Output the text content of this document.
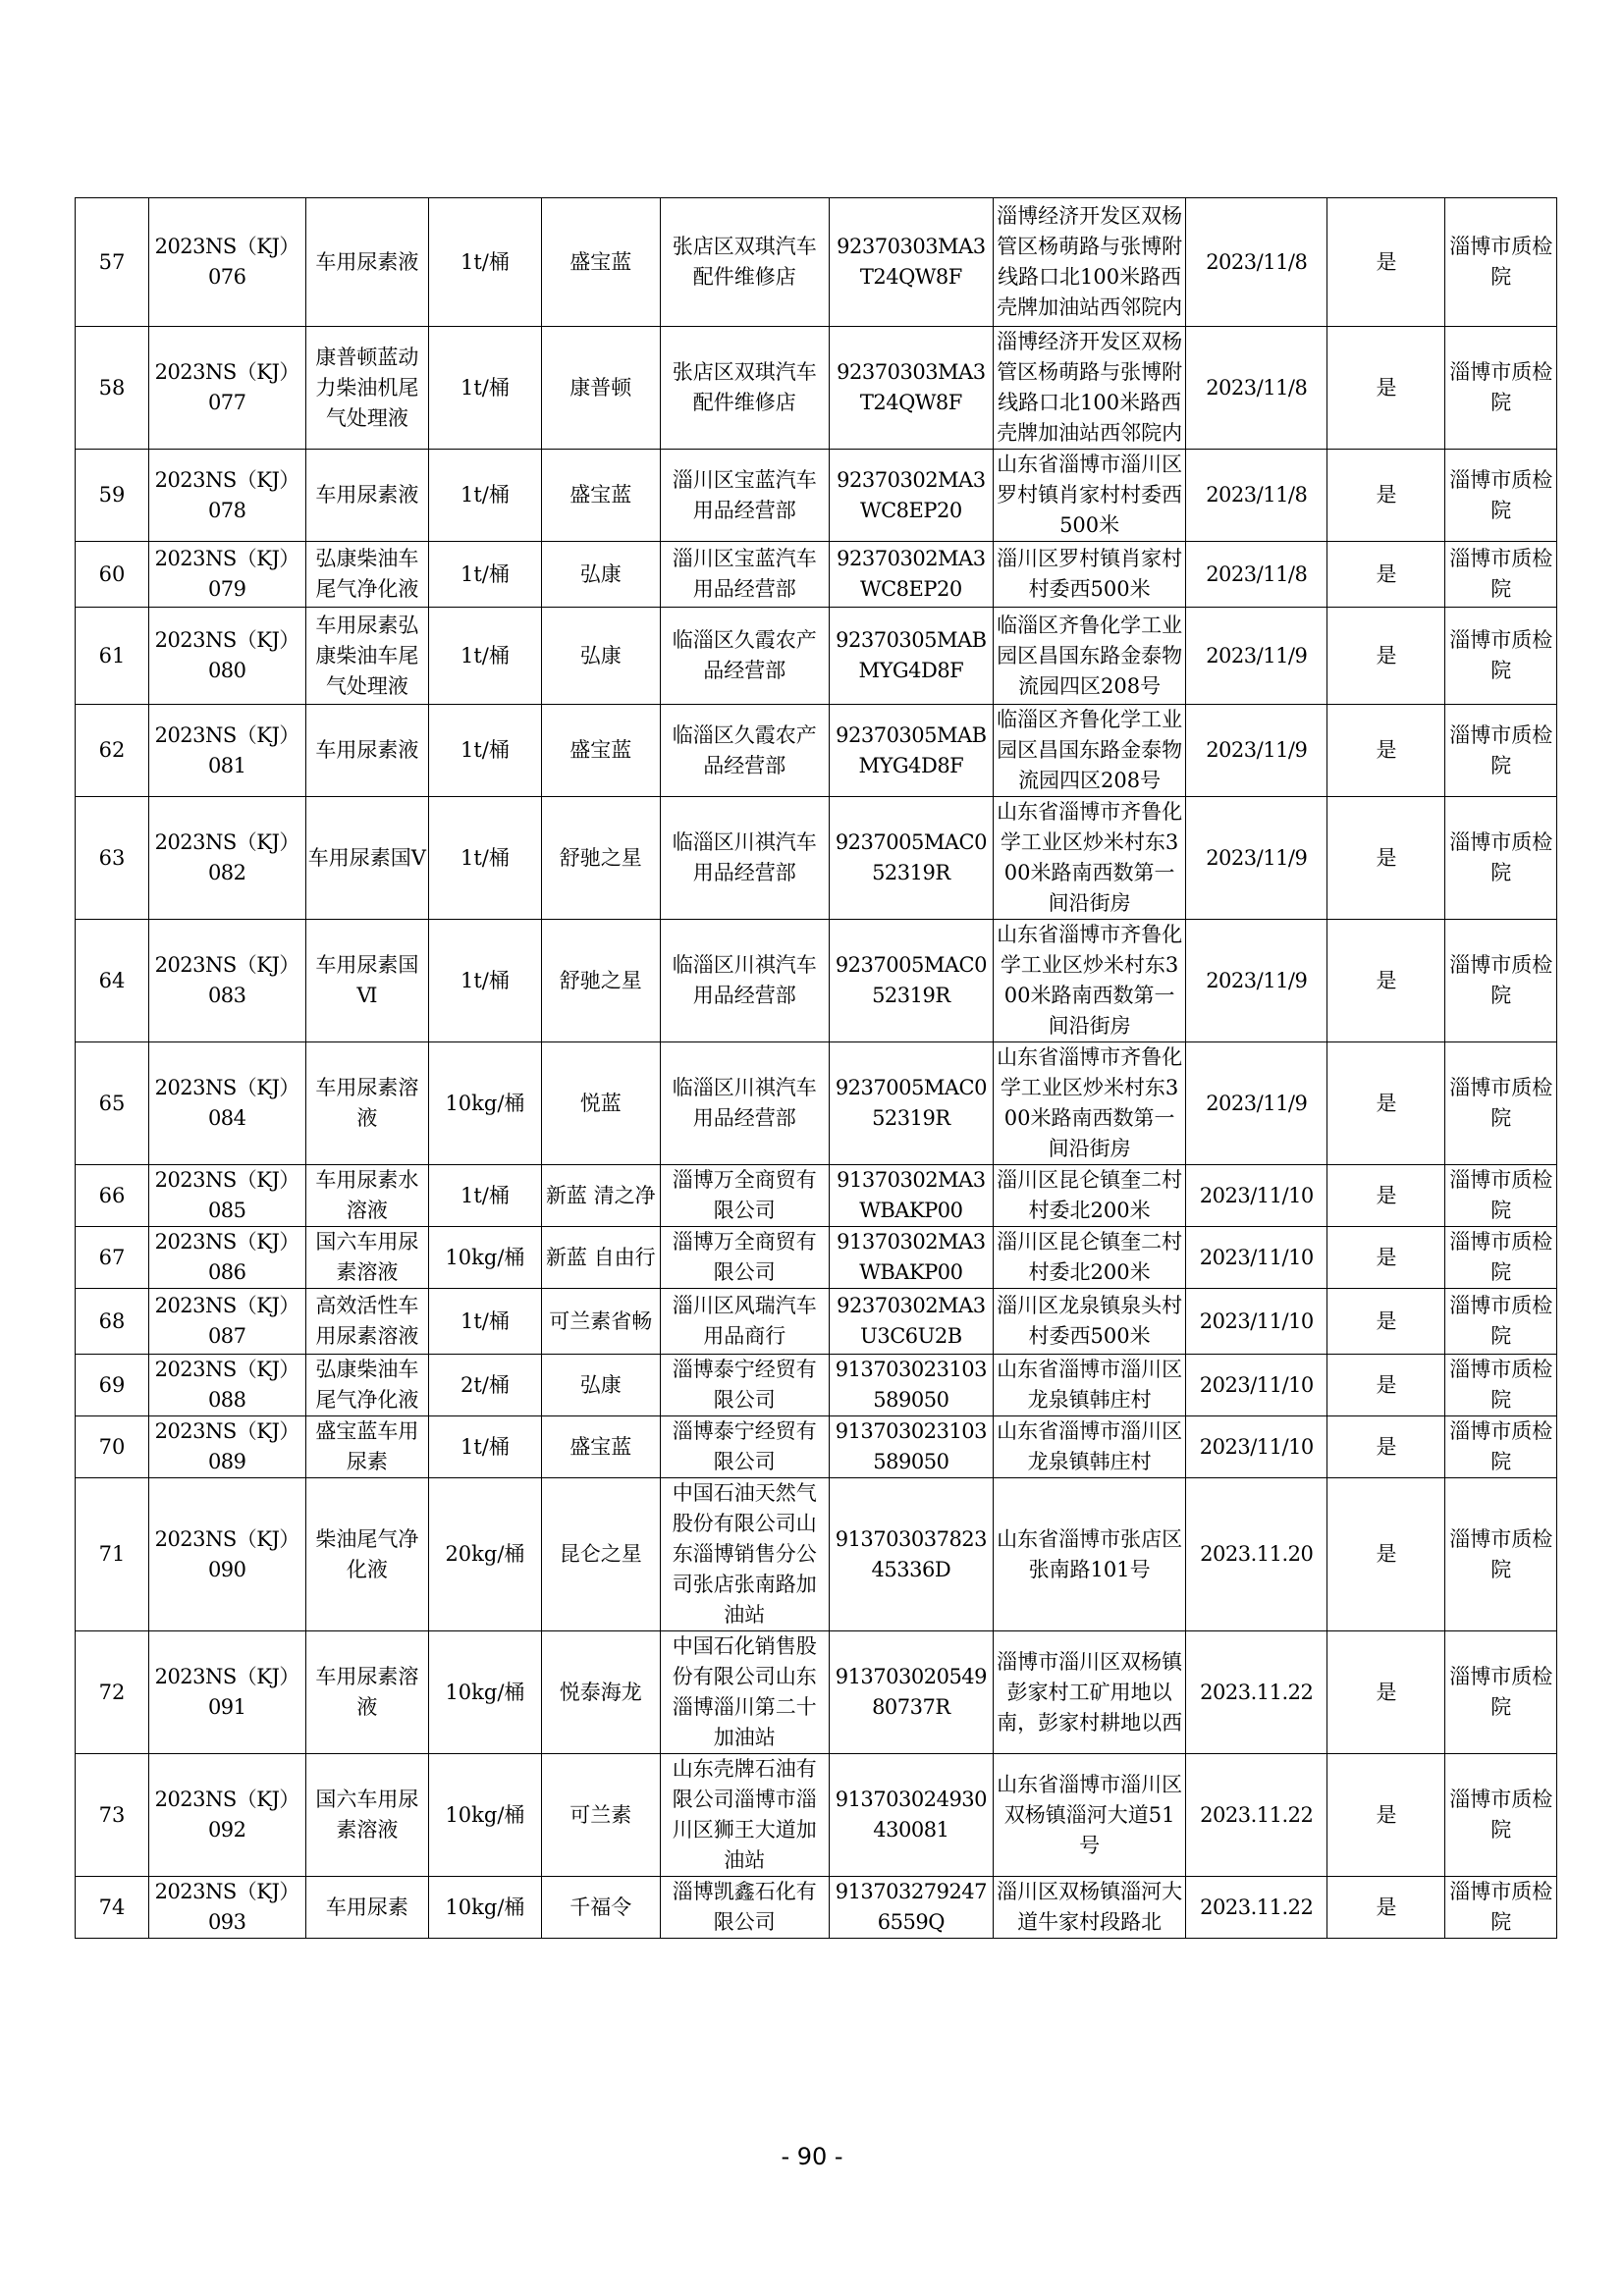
57	2023NS（KJ）076	车用尿素液	1t/桶	盛宝蓝	张店区双琪汽车配件维修店	92370303MA3T24QW8F	淄博经济开发区双杨管区杨萌路与张博附线路口北100米路西壳牌加油站西邻院内	2023/11/8	是	淄博市质检院
58	2023NS（KJ）077	康普顿蓝动力柴油机尾气处理液	1t/桶	康普顿	张店区双琪汽车配件维修店	92370303MA3T24QW8F	淄博经济开发区双杨管区杨萌路与张博附线路口北100米路西壳牌加油站西邻院内	2023/11/8	是	淄博市质检院
59	2023NS（KJ）078	车用尿素液	1t/桶	盛宝蓝	淄川区宝蓝汽车用品经营部	92370302MA3WC8EP20	山东省淄博市淄川区罗村镇肖家村村委西500米	2023/11/8	是	淄博市质检院
60	2023NS（KJ）079	弘康柴油车尾气净化液	1t/桶	弘康	淄川区宝蓝汽车用品经营部	92370302MA3WC8EP20	淄川区罗村镇肖家村村委西500米	2023/11/8	是	淄博市质检院
61	2023NS（KJ）080	车用尿素弘康柴油车尾气处理液	1t/桶	弘康	临淄区久霞农产品经营部	92370305MABMYG4D8F	临淄区齐鲁化学工业园区昌国东路金泰物流园四区208号	2023/11/9	是	淄博市质检院
62	2023NS（KJ）081	车用尿素液	1t/桶	盛宝蓝	临淄区久霞农产品经营部	92370305MABMYG4D8F	临淄区齐鲁化学工业园区昌国东路金泰物流园四区208号	2023/11/9	是	淄博市质检院
63	2023NS（KJ）082	车用尿素国Ⅴ	1t/桶	舒驰之星	临淄区川祺汽车用品经营部	9237005MAC052319R	山东省淄博市齐鲁化学工业区炒米村东300米路南西数第一间沿街房	2023/11/9	是	淄博市质检院
64	2023NS（KJ）083	车用尿素国Ⅵ	1t/桶	舒驰之星	临淄区川祺汽车用品经营部	9237005MAC052319R	山东省淄博市齐鲁化学工业区炒米村东300米路南西数第一间沿街房	2023/11/9	是	淄博市质检院
65	2023NS（KJ）084	车用尿素溶液	10kg/桶	悦蓝	临淄区川祺汽车用品经营部	9237005MAC052319R	山东省淄博市齐鲁化学工业区炒米村东300米路南西数第一间沿街房	2023/11/9	是	淄博市质检院
66	2023NS（KJ）085	车用尿素水溶液	1t/桶	新蓝 清之净	淄博万全商贸有限公司	91370302MA3WBAKP00	淄川区昆仑镇奎二村村委北200米	2023/11/10	是	淄博市质检院
67	2023NS（KJ）086	国六车用尿素溶液	10kg/桶	新蓝 自由行	淄博万全商贸有限公司	91370302MA3WBAKP00	淄川区昆仑镇奎二村村委北200米	2023/11/10	是	淄博市质检院
68	2023NS（KJ）087	高效活性车用尿素溶液	1t/桶	可兰素省畅	淄川区风瑞汽车用品商行	92370302MA3U3C6U2B	淄川区龙泉镇泉头村村委西500米	2023/11/10	是	淄博市质检院
69	2023NS（KJ）088	弘康柴油车尾气净化液	2t/桶	弘康	淄博泰宁经贸有限公司	913703023103589050	山东省淄博市淄川区龙泉镇韩庄村	2023/11/10	是	淄博市质检院
70	2023NS（KJ）089	盛宝蓝车用尿素	1t/桶	盛宝蓝	淄博泰宁经贸有限公司	913703023103589050	山东省淄博市淄川区龙泉镇韩庄村	2023/11/10	是	淄博市质检院
71	2023NS（KJ）090	柴油尾气净化液	20kg/桶	昆仑之星	中国石油天然气股份有限公司山东淄博销售分公司张店张南路加油站	91370303782345336D	山东省淄博市张店区张南路101号	2023.11.20	是	淄博市质检院
72	2023NS（KJ）091	车用尿素溶液	10kg/桶	悦泰海龙	中国石化销售股份有限公司山东淄博淄川第二十加油站	91370302054980737R	淄博市淄川区双杨镇彭家村工矿用地以南，彭家村耕地以西	2023.11.22	是	淄博市质检院
73	2023NS（KJ）092	国六车用尿素溶液	10kg/桶	可兰素	山东壳牌石油有限公司淄博市淄川区狮王大道加油站	913703024930430081	山东省淄博市淄川区双杨镇淄河大道51号	2023.11.22	是	淄博市质检院
74	2023NS（KJ）093	车用尿素	10kg/桶	千福令	淄博凯鑫石化有限公司	9137032792476559Q	淄川区双杨镇淄河大道牛家村段路北	2023.11.22	是	淄博市质检院
- 90 -
